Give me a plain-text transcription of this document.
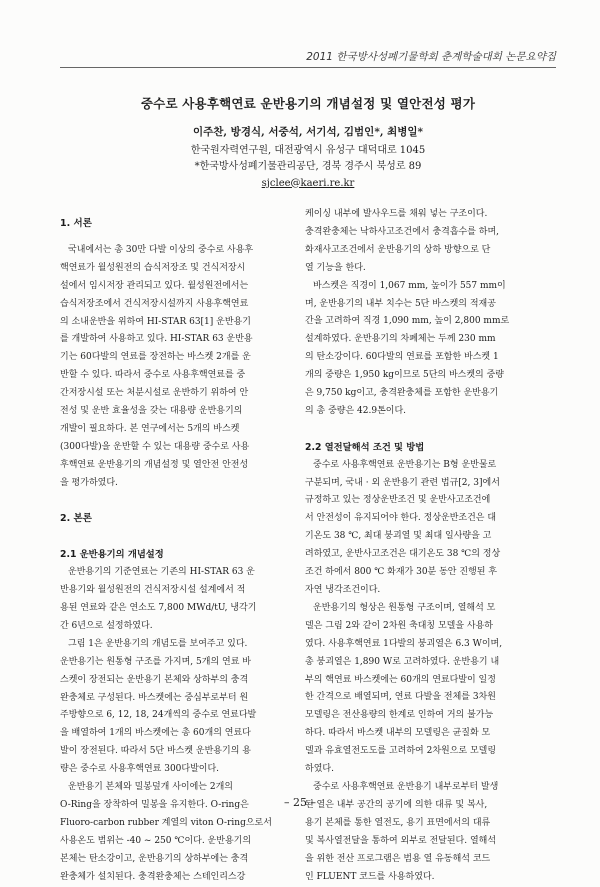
2011 한국방사성폐기물학회 춘계학술대회 논문요약집
중수로 사용후핵연료 운반용기의 개념설정 및 열안전성 평가
이주찬, 방경식, 서중석, 서기석, 김범인*, 최병일*
한국원자력연구원, 대전광역시 유성구 대덕대로 1045
*한국방사성폐기물관리공단, 경북 경주시 북성로 89
sjclee@kaeri.re.kr

1. 서론

국내에서는 총 30만 다발 이상의 중수로 사용후

핵연료가 월성원전의 습식저장조 및 건식저장시

설에서 임시저장 관리되고 있다. 월성원전에서는

습식저장조에서 건식저장시설까지 사용후핵연료

의 소내운반을 위하여 HI-STAR 63[1] 운반용기

를 개발하여 사용하고 있다. HI-STAR 63 운반용

기는 60다발의 연료를 장전하는 바스켓 2개를 운

반할 수 있다. 따라서 중수로 사용후핵연료를 중

간저장시설 또는 처분시설로 운반하기 위하여 안

전성 및 운반 효율성을 갖는 대용량 운반용기의

개발이 필요하다. 본 연구에서는 5개의 바스켓

(300다발)을 운반할 수 있는 대용량 중수로 사용

후핵연료 운반용기의 개념설정 및 열안전 안전성

을 평가하였다.

2. 본론

2.1 운반용기의 개념설정

운반용기의 기준연료는 기존의 HI-STAR 63 운

반용기와 월성원전의 건식저장시설 설계에서 적

용된 연료와 같은 연소도 7,800 MWd/tU, 냉각기

간 6년으로 설정하였다.

그림 1은 운반용기의 개념도를 보여주고 있다.

운반용기는 원통형 구조를 가지며, 5개의 연료 바

스켓이 장전되는 운반용기 본체와 상하부의 충격

완충체로 구성된다. 바스켓에는 중심부로부터 원

주방향으로 6, 12, 18, 24개씩의 중수로 연료다발

을 배열하여 1개의 바스켓에는 총 60개의 연료다

발이 장전된다. 따라서 5단 바스켓 운반용기의 용

량은 중수로 사용후핵연료 300다발이다.

운반용기 본체와 밀봉덮개 사이에는 2개의

O-Ring을 장착하여 밀봉을 유지한다. O-ring은

Fluoro-carbon rubber 계열의 viton O-ring으로서

사용온도 범위는 -40 ~ 250 ℃이다. 운반용기의

본체는 탄소강이고, 운반용기의 상하부에는 충격

완충체가 설치된다. 충격완충체는 스테인리스강

케이싱 내부에 발사우드를 채워 넣는 구조이다.

충격완충체는 낙하사고조건에서 충격흡수를 하며,

화재사고조건에서 운반용기의 상하 방향으로 단

열 기능을 한다.

바스켓은 직경이 1,067 mm, 높이가 557 mm이

며, 운반용기의 내부 치수는 5단 바스켓의 적재공

간을 고려하여 직경 1,090 mm, 높이 2,800 mm로

설계하였다. 운반용기의 차폐체는 두께 230 mm

의 탄소강이다. 60다발의 연료를 포함한 바스켓 1

개의 중량은 1,950 kg이므로 5단의 바스켓의 중량

은 9,750 kg이고, 충격완충체를 포함한 운반용기

의 총 중량은 42.9톤이다.

2.2 열전달해석 조건 및 방법

중수로 사용후핵연료 운반용기는 B형 운반물로

구분되며, 국내 · 외 운반용기 관련 법규[2, 3]에서

규정하고 있는 정상운반조건 및 운반사고조건에

서 안전성이 유지되어야 한다. 정상운반조건은 대

기온도 38 ℃, 최대 붕괴열 및 최대 일사량을 고

려하였고, 운반사고조건은 대기온도 38 ℃의 정상

조건 하에서 800 ℃ 화재가 30분 동안 진행된 후

자연 냉각조건이다.

운반용기의 형상은 원통형 구조이며, 열해석 모

델은 그림 2와 같이 2차원 축대칭 모델을 사용하

였다. 사용후핵연료 1다발의 붕괴열은 6.3 W이며,

총 붕괴열은 1,890 W로 고려하였다. 운반용기 내

부의 핵연료 바스켓에는 60개의 연료다발이 일정

한 간격으로 배열되며, 연료 다발을 전체를 3차원

모델링은 전산용량의 한계로 인하여 거의 불가능

하다. 따라서 바스켓 내부의 모델링은 균질화 모

델과 유효열전도도를 고려하여 2차원으로 모델링

하였다.

중수로 사용후핵연료 운반용기 내부로부터 발생

된 열은 내부 공간의 공기에 의한 대류 및 복사,

용기 본체를 통한 열전도, 용기 표면에서의 대류

및 복사열전달을 통하여 외부로 전달된다. 열해석

을 위한 전산 프로그램은 범용 열 유동해석 코드

인 FLUENT 코드를 사용하였다.

– 25 –
